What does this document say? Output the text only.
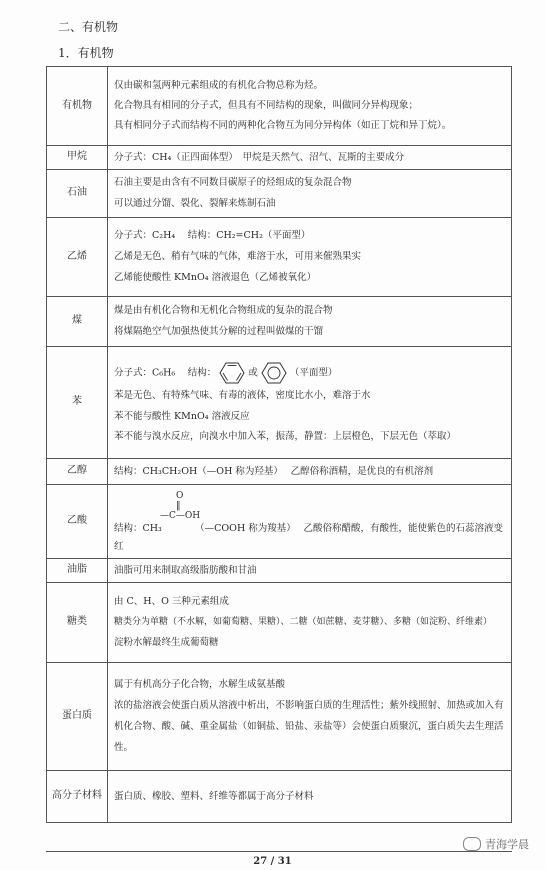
二、有机物
1．有机物
有机物	仅由碳和氢两种元素组成的有机化合物总称为烃。
化合物具有相同的分子式，但具有不同结构的现象，叫做同分异构现象；
具有相同分子式而结构不同的两种化合物互为同分异构体（如正丁烷和异丁烷）。

甲烷	分子式：CH₄（正四面体型）　甲烷是天然气、沼气、瓦斯的主要成分

石油	石油主要是由含有不同数目碳原子的烃组成的复杂混合物
可以通过分馏、裂化、裂解来炼制石油

乙烯	分子式：C₂H₄　 结构：CH₂=CH₂（平面型）
乙烯是无色、稍有气味的气体，难溶于水，可用来催熟果实
乙烯能使酸性 KMnO₄ 溶液退色（乙烯被氧化）

煤	煤是由有机化合物和无机化合物组成的复杂的混合物
将煤隔绝空气加强热使其分解的过程叫做煤的干馏

苯	分子式：C₆H₆　 结构： 或 （平面型）
苯是无色、有特殊气味、有毒的液体，密度比水小，难溶于水
苯不能与酸性 KMnO₄ 溶液反应
苯不能与溴水反应，向溴水中加入苯，振荡，静置：上层橙色，下层无色（萃取）

乙醇	结构：CH₃CH₂OH（—OH 称为羟基）　 乙醇俗称酒精，是优良的有机溶剂

乙酸	O
‖
—C—OH
结构：CH₃　　　　（—COOH 称为羧基）　 乙酸俗称醋酸，有酸性，能使紫色的石蕊溶液变
红

油脂	油脂可用来制取高级脂肪酸和甘油

糖类	由 C、H、O 三种元素组成
糖类分为单糖（不水解，如葡萄糖、果糖）、二糖（如蔗糖、麦芽糖）、多糖（如淀粉、纤维素）
淀粉水解最终生成葡萄糖

蛋白质	属于有机高分子化合物，水解生成氨基酸
浓的盐溶液会使蛋白质从溶液中析出，不影响蛋白质的生理活性；紫外线照射、加热或加入有
机化合物、酸、碱、重金属盐（如铜盐、铅盐、汞盐等）会使蛋白质聚沉，蛋白质失去生理活
性。

高分子材料	蛋白质、橡胶、塑料、纤维等都属于高分子材料
27 / 31
青海学晨
